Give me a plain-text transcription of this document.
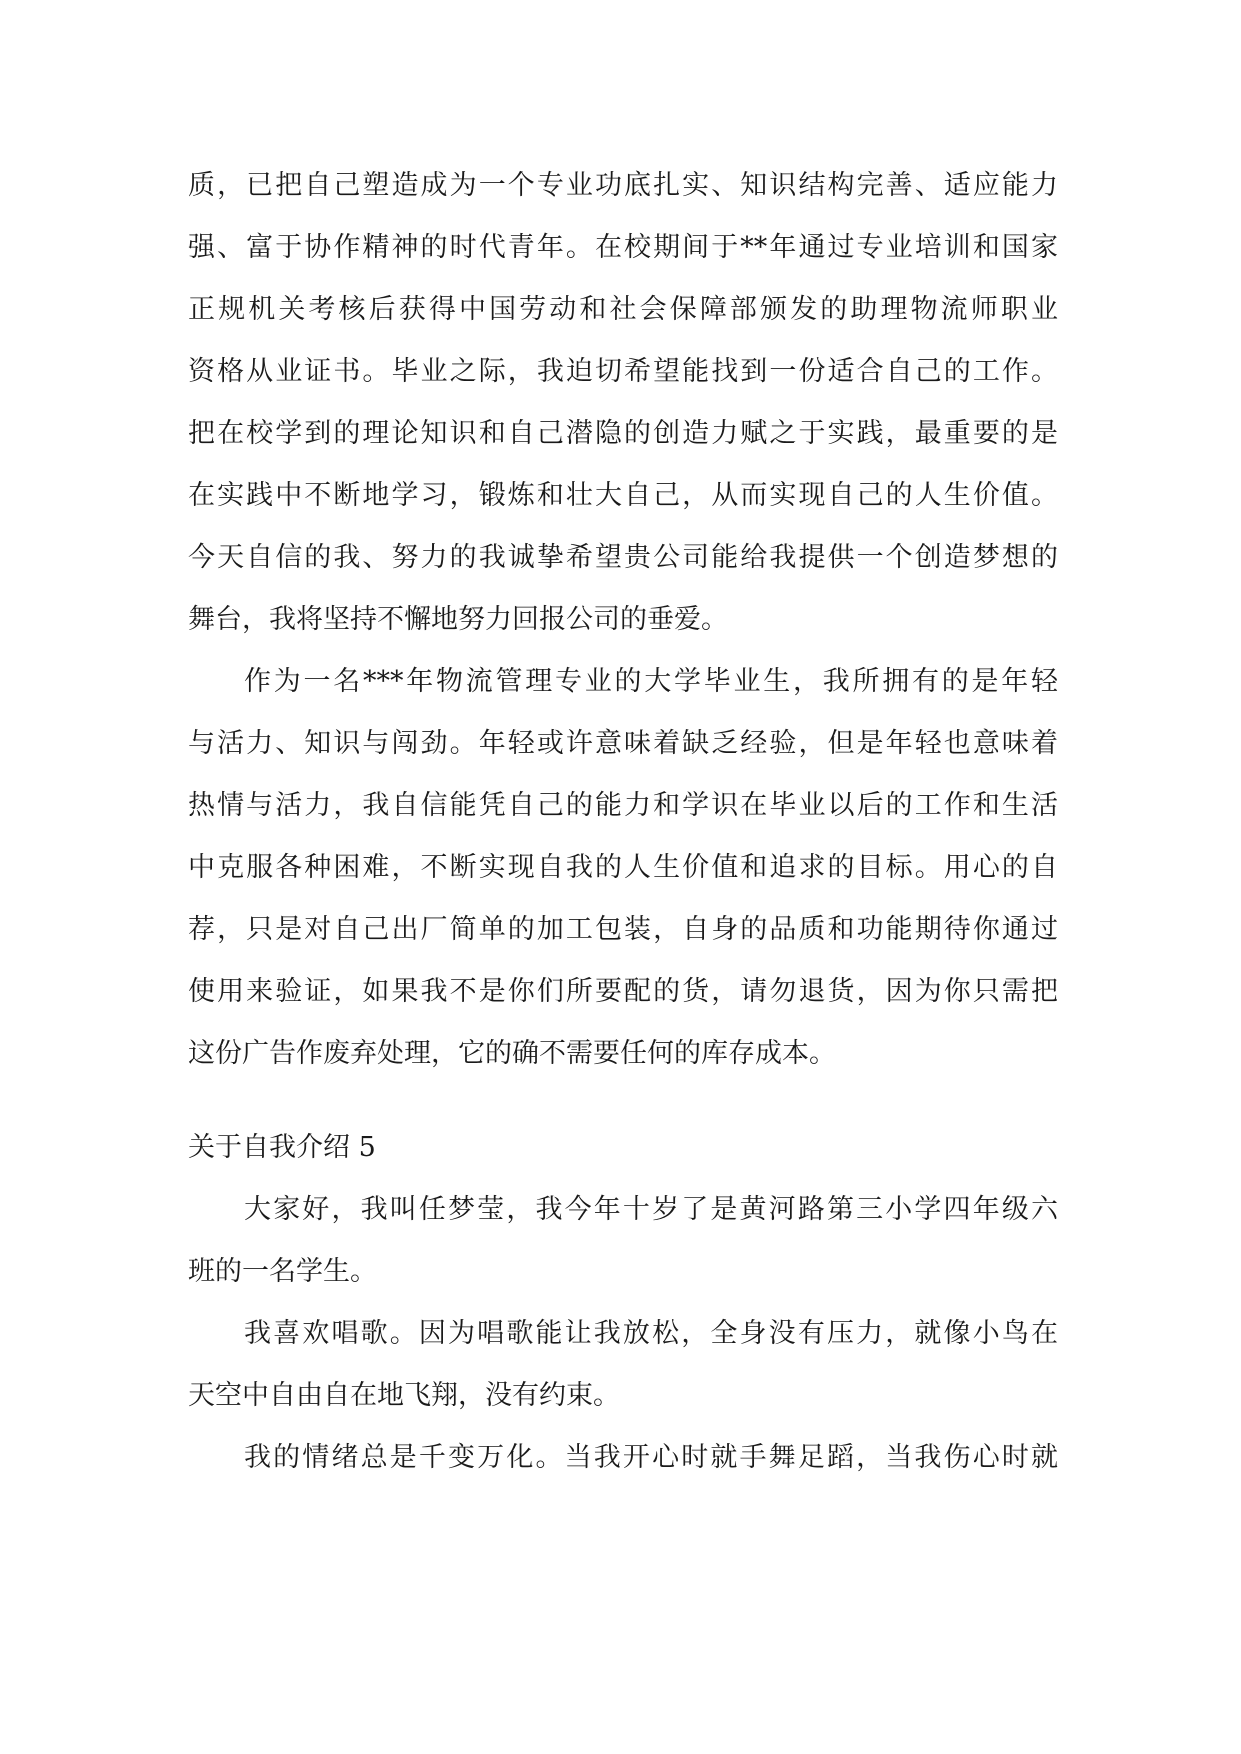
质，已把自己塑造成为一个专业功底扎实、知识结构完善、适应能力
强、富于协作精神的时代青年。在校期间于**年通过专业培训和国家
正规机关考核后获得中国劳动和社会保障部颁发的助理物流师职业
资格从业证书。毕业之际，我迫切希望能找到一份适合自己的工作。
把在校学到的理论知识和自己潜隐的创造力赋之于实践，最重要的是
在实践中不断地学习，锻炼和壮大自己，从而实现自己的人生价值。
今天自信的我、努力的我诚挚希望贵公司能给我提供一个创造梦想的
舞台，我将坚持不懈地努力回报公司的垂爱。
作为一名***年物流管理专业的大学毕业生，我所拥有的是年轻
与活力、知识与闯劲。年轻或许意味着缺乏经验，但是年轻也意味着
热情与活力，我自信能凭自己的能力和学识在毕业以后的工作和生活
中克服各种困难，不断实现自我的人生价值和追求的目标。用心的自
荐，只是对自己出厂简单的加工包装，自身的品质和功能期待你通过
使用来验证，如果我不是你们所要配的货，请勿退货，因为你只需把
这份广告作废弃处理，它的确不需要任何的库存成本。
关于自我介绍 5
大家好，我叫任梦莹，我今年十岁了是黄河路第三小学四年级六
班的一名学生。
我喜欢唱歌。因为唱歌能让我放松，全身没有压力，就像小鸟在
天空中自由自在地飞翔，没有约束。
我的情绪总是千变万化。当我开心时就手舞足蹈，当我伤心时就
